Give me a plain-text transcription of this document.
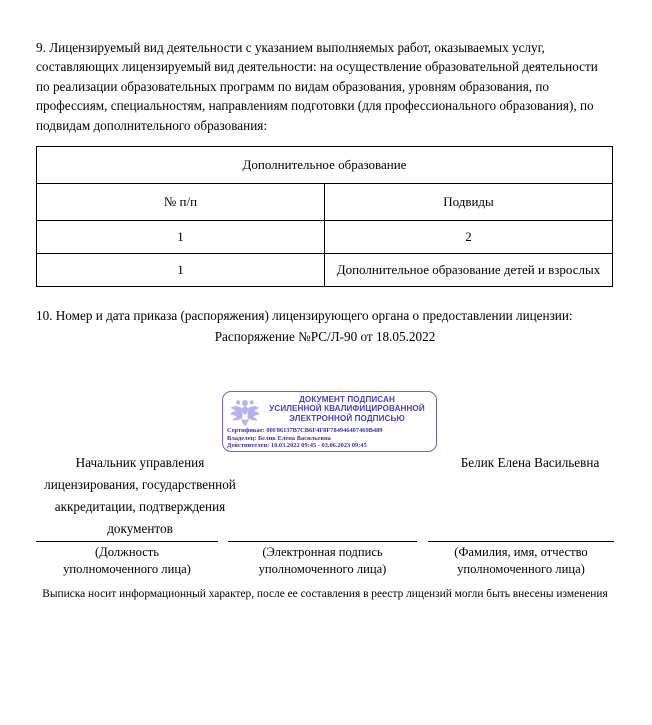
9. Лицензируемый вид деятельности с указанием выполняемых работ, оказываемых услуг, составляющих лицензируемый вид деятельности: на осуществление образовательной деятельности по реализации образовательных программ по видам образования, уровням образования, по профессиям, специальностям, направлениям подготовки (для профессионального образования), по подвидам дополнительного образования:
Дополнительное образование	
№ п/п	Подвиды
1	2
1	Дополнительное образование детей и взрослых
10. Номер и дата приказа (распоряжения) лицензирующего органа о предоставлении лицензии:
Распоряжение №РС/Л-90 от 18.05.2022
ДОКУМЕНТ ПОДПИСАН
УСИЛЕННОЙ КВАЛИФИЦИРОВАННОЙ
ЭЛЕКТРОННОЙ ПОДПИСЬЮ
Сертификат: 00F86137B7CB6F4F8F784946407469B489
Владелец: Белик Елена Васильевна
Действителен: 10.03.2022 09:45 - 03.06.2023 09:45
Начальник управления лицензирования, государственной аккредитации, подтверждения документов
Белик Елена Васильевна
(Должность
уполномоченного лица)
(Электронная подпись
уполномоченного лица)
(Фамилия, имя, отчество
уполномоченного лица)
Выписка носит информационный характер, после ее составления в реестр лицензий могли быть внесены изменения
